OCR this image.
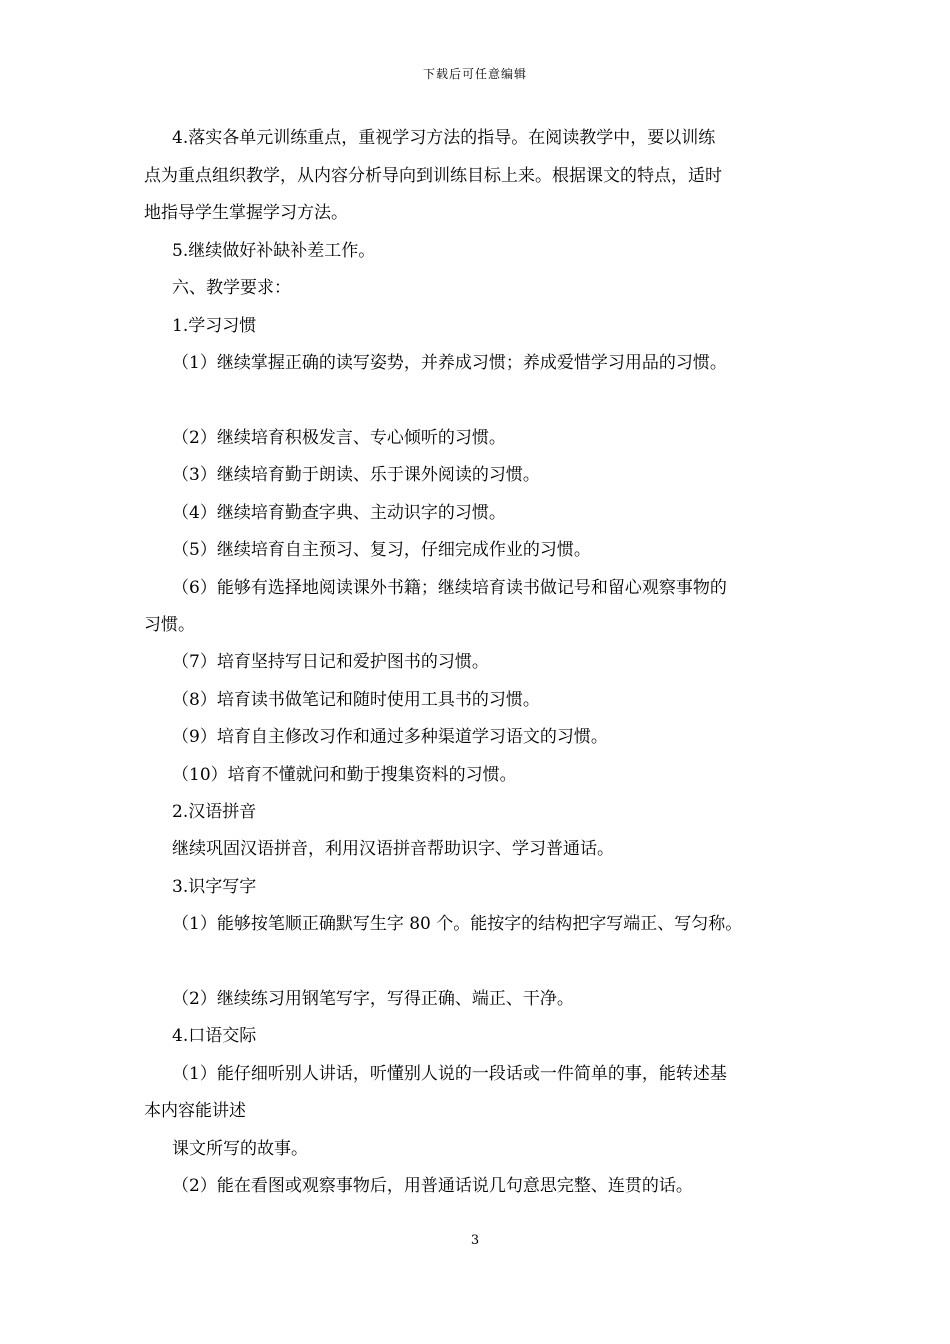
下载后可任意编辑
4.落实各单元训练重点，重视学习方法的指导。在阅读教学中，要以训练
点为重点组织教学，从内容分析导向到训练目标上来。根据课文的特点，适时
地指导学生掌握学习方法。
5.继续做好补缺补差工作。
六、教学要求：
1.学习习惯
（1）继续掌握正确的读写姿势，并养成习惯；养成爱惜学习用品的习惯。
（2）继续培育积极发言、专心倾听的习惯。
（3）继续培育勤于朗读、乐于课外阅读的习惯。
（4）继续培育勤查字典、主动识字的习惯。
（5）继续培育自主预习、复习，仔细完成作业的习惯。
（6）能够有选择地阅读课外书籍；继续培育读书做记号和留心观察事物的
习惯。
（7）培育坚持写日记和爱护图书的习惯。
（8）培育读书做笔记和随时使用工具书的习惯。
（9）培育自主修改习作和通过多种渠道学习语文的习惯。
（10）培育不懂就问和勤于搜集资料的习惯。
2.汉语拼音
继续巩固汉语拼音，利用汉语拼音帮助识字、学习普通话。
3.识字写字
（1）能够按笔顺正确默写生字 80 个。能按字的结构把字写端正、写匀称。
（2）继续练习用钢笔写字，写得正确、端正、干净。
4.口语交际
（1）能仔细听别人讲话，听懂别人说的一段话或一件简单的事，能转述基
本内容能讲述
课文所写的故事。
（2）能在看图或观察事物后，用普通话说几句意思完整、连贯的话。
3
